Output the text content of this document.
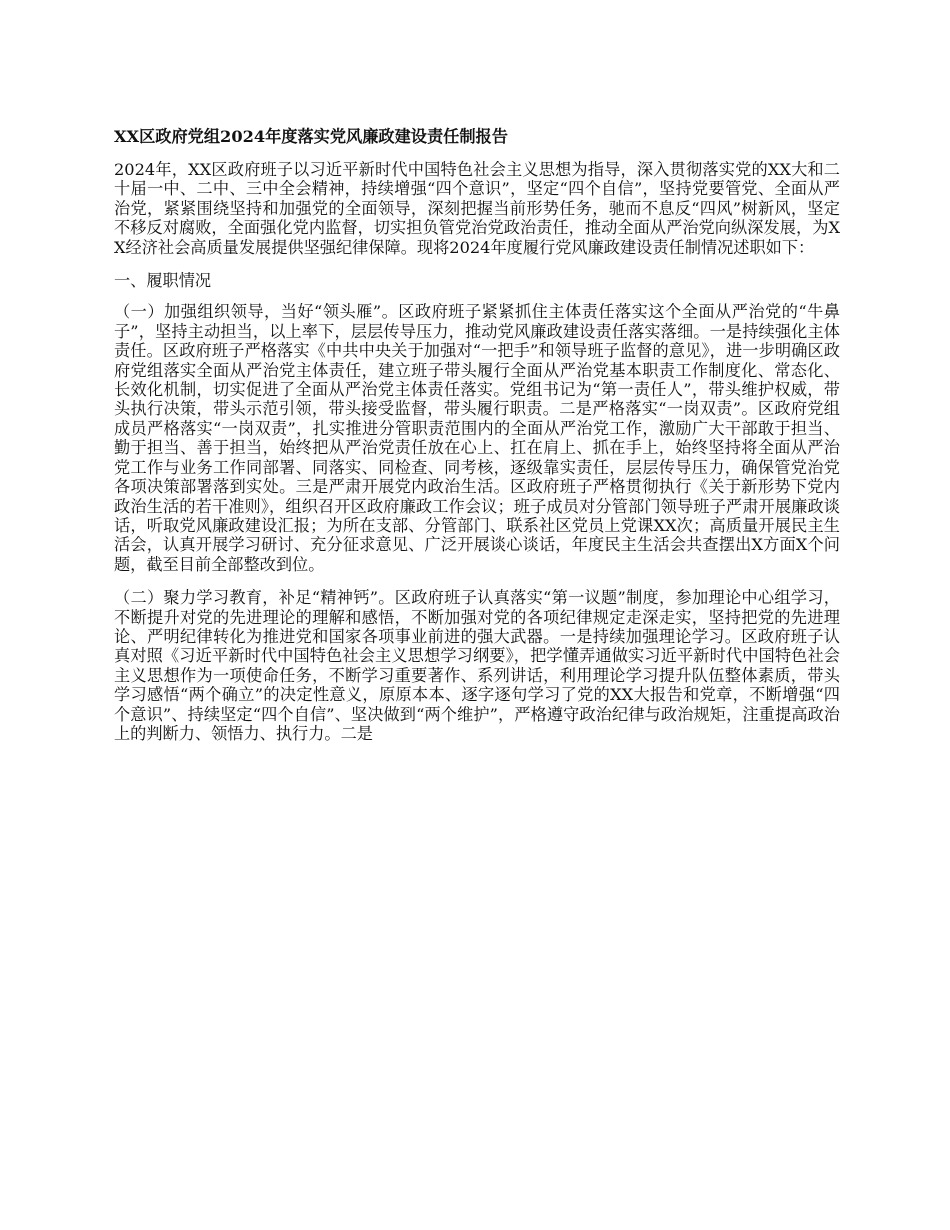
XX区政府党组2024年度落实党风廉政建设责任制报告

2024年，XX区政府班子以习近平新时代中国特色社会主义思想为指导，深入贯彻落实党的XX大和二十届一中、二中、三中全会精神，持续增强“四个意识”，坚定“四个自信”，坚持党要管党、全面从严治党，紧紧围绕坚持和加强党的全面领导，深刻把握当前形势任务，驰而不息反“四风”树新风，坚定不移反对腐败，全面强化党内监督，切实担负管党治党政治责任，推动全面从严治党向纵深发展，为XX经济社会高质量发展提供坚强纪律保障。现将2024年度履行党风廉政建设责任制情况述职如下：

一、履职情况

（一）加强组织领导，当好“领头雁”。区政府班子紧紧抓住主体责任落实这个全面从严治党的“牛鼻子”，坚持主动担当，以上率下，层层传导压力，推动党风廉政建设责任落实落细。一是持续强化主体责任。区政府班子严格落实《中共中央关于加强对“一把手”和领导班子监督的意见》，进一步明确区政府党组落实全面从严治党主体责任，建立班子带头履行全面从严治党基本职责工作制度化、常态化、长效化机制，切实促进了全面从严治党主体责任落实。党组书记为“第一责任人”，带头维护权威，带头执行决策，带头示范引领，带头接受监督，带头履行职责。二是严格落实“一岗双责”。区政府党组成员严格落实“一岗双责”，扎实推进分管职责范围内的全面从严治党工作，激励广大干部敢于担当、勤于担当、善于担当，始终把从严治党责任放在心上、扛在肩上、抓在手上，始终坚持将全面从严治党工作与业务工作同部署、同落实、同检查、同考核，逐级靠实责任，层层传导压力，确保管党治党各项决策部署落到实处。三是严肃开展党内政治生活。区政府班子严格贯彻执行《关于新形势下党内政治生活的若干准则》，组织召开区政府廉政工作会议；班子成员对分管部门领导班子严肃开展廉政谈话，听取党风廉政建设汇报；为所在支部、分管部门、联系社区党员上党课XX次；高质量开展民主生活会，认真开展学习研讨、充分征求意见、广泛开展谈心谈话，年度民主生活会共查摆出X方面X个问题，截至目前全部整改到位。

（二）聚力学习教育，补足“精神钙”。区政府班子认真落实“第一议题”制度，参加理论中心组学习，不断提升对党的先进理论的理解和感悟，不断加强对党的各项纪律规定走深走实，坚持把党的先进理论、严明纪律转化为推进党和国家各项事业前进的强大武器。一是持续加强理论学习。区政府班子认真对照《习近平新时代中国特色社会主义思想学习纲要》，把学懂弄通做实习近平新时代中国特色社会主义思想作为一项使命任务，不断学习重要著作、系列讲话，利用理论学习提升队伍整体素质，带头学习感悟“两个确立”的决定性意义，原原本本、逐字逐句学习了党的XX大报告和党章，不断增强“四个意识”、持续坚定“四个自信”、坚决做到“两个维护”，严格遵守政治纪律与政治规矩，注重提高政治上的判断力、领悟力、执行力。二是
